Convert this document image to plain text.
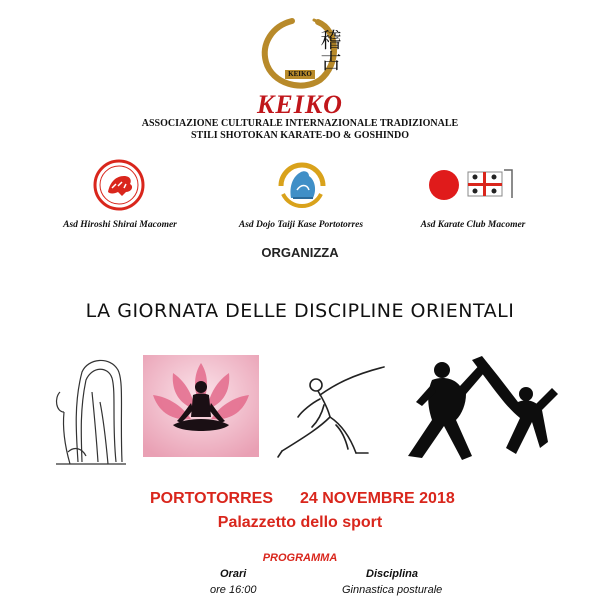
稽古
KEIKO
KEIKO
ASSOCIAZIONE CULTURALE INTERNAZIONALE TRADIZIONALE
STILI SHOTOKAN KARATE-DO & GOSHINDO
Asd Hiroshi Shirai Macomer	Asd Dojo Taiji Kase Portotorres	Asd Karate Club Macomer
ORGANIZZA
LA GIORNATA DELLE DISCIPLINE ORIENTALI
PORTOTORRES 24 NOVEMBRE 2018
Palazzetto dello sport
PROGRAMMA
Orari	Disciplina
ore 16:00	Ginnastica posturale
